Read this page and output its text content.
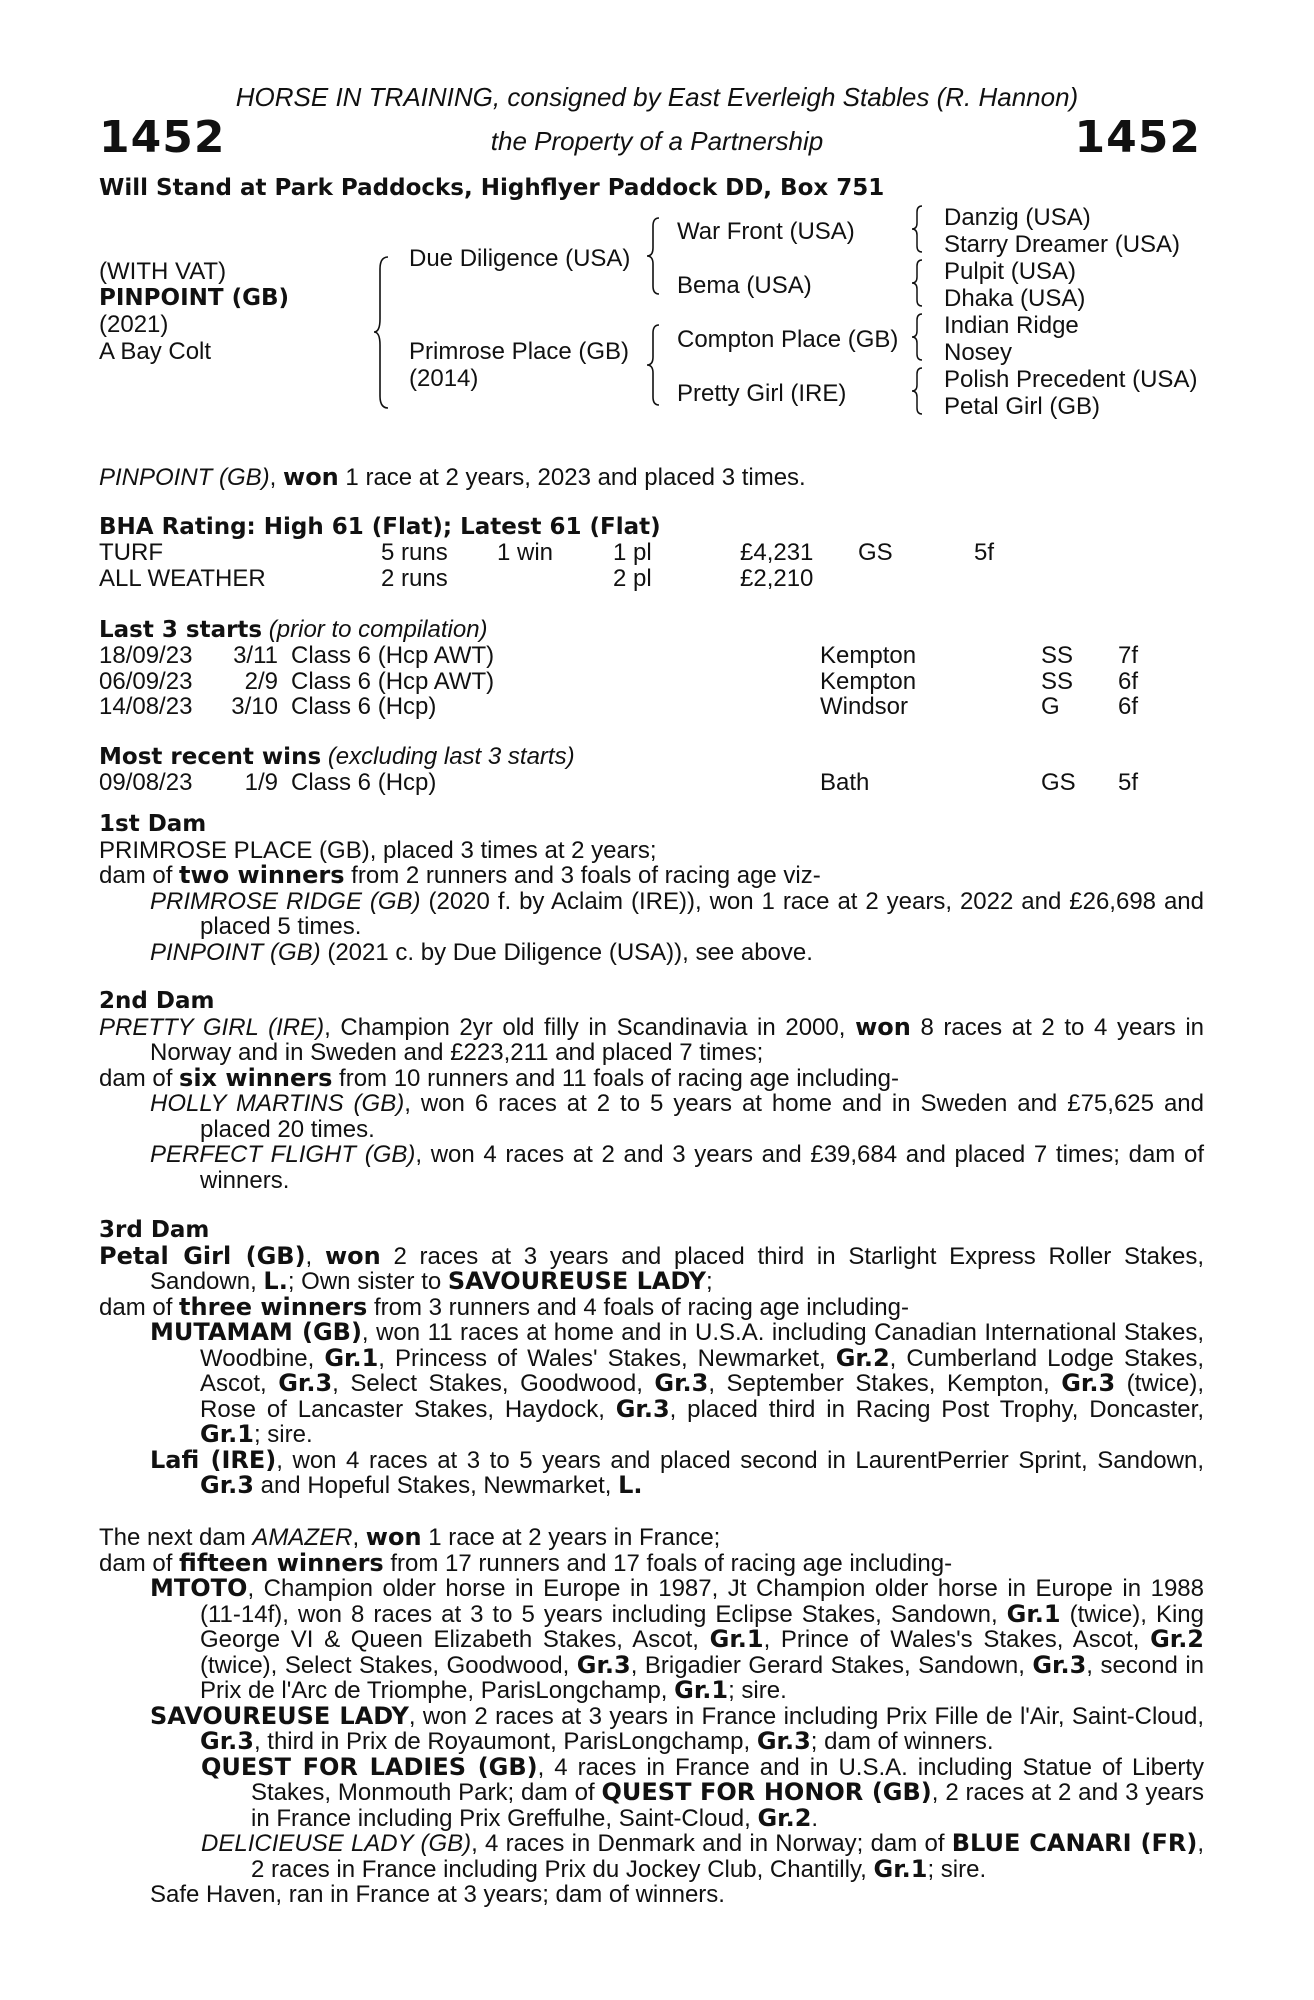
HORSE IN TRAINING, consigned by East Everleigh Stables (R. Hannon)
1452	the Property of a Partnership	1452
Will Stand at Park Paddocks, Highflyer Paddock DD, Box 751
(WITH VAT)
PINPOINT (GB)
(2021)
A Bay Colt
Due Diligence (USA)
Primrose Place (GB)
(2014)
War Front (USA)
Bema (USA)
Compton Place (GB)
Pretty Girl (IRE)
Danzig (USA)
Starry Dreamer (USA)
Pulpit (USA)
Dhaka (USA)
Indian Ridge
Nosey
Polish Precedent (USA)
Petal Girl (GB)
PINPOINT (GB), won 1 race at 2 years, 2023 and placed 3 times.
BHA Rating: High 61 (Flat); Latest 61 (Flat)
TURF	5 runs 1 win 1 pl	£4,231 GS	5f
ALL WEATHER	2 runs	2 pl	£2,210
Last 3 starts (prior to compilation)
18/09/23	3/11 Class 6 (Hcp AWT)	Kempton	SS 7f
06/09/23	2/9 Class 6 (Hcp AWT)	Kempton	SS 6f
14/08/23	3/10 Class 6 (Hcp)	Windsor	G 6f
Most recent wins (excluding last 3 starts)
09/08/23	1/9 Class 6 (Hcp)	Bath	GS 5f

1st Dam

PRIMROSE PLACE (GB), placed 3 times at 2 years;

dam of two winners from 2 runners and 3 foals of racing age viz-

PRIMROSE RIDGE (GB) (2020 f. by Aclaim (IRE)), won 1 race at 2 years, 2022 and £26,698 and placed 5 times.

PINPOINT (GB) (2021 c. by Due Diligence (USA)), see above.

2nd Dam

PRETTY GIRL (IRE), Champion 2yr old filly in Scandinavia in 2000, won 8 races at 2 to 4 years in Norway and in Sweden and £223,211 and placed 7 times;

dam of six winners from 10 runners and 11 foals of racing age including-

HOLLY MARTINS (GB), won 6 races at 2 to 5 years at home and in Sweden and £75,625 and placed 20 times.

PERFECT FLIGHT (GB), won 4 races at 2 and 3 years and £39,684 and placed 7 times; dam of winners.

3rd Dam

Petal Girl (GB), won 2 races at 3 years and placed third in Starlight Express Roller Stakes, Sandown, L.; Own sister to SAVOUREUSE LADY;

dam of three winners from 3 runners and 4 foals of racing age including-

MUTAMAM (GB), won 11 races at home and in U.S.A. including Canadian International Stakes, Woodbine, Gr.1, Princess of Wales' Stakes, Newmarket, Gr.2, Cumberland Lodge Stakes, Ascot, Gr.3, Select Stakes, Goodwood, Gr.3, September Stakes, Kempton, Gr.3 (twice), Rose of Lancaster Stakes, Haydock, Gr.3, placed third in Racing Post Trophy, Doncaster, Gr.1; sire.

Lafi (IRE), won 4 races at 3 to 5 years and placed second in LaurentPerrier Sprint, Sandown, Gr.3 and Hopeful Stakes, Newmarket, L.

The next dam AMAZER, won 1 race at 2 years in France;

dam of fifteen winners from 17 runners and 17 foals of racing age including-

MTOTO, Champion older horse in Europe in 1987, Jt Champion older horse in Europe in 1988 (11-14f), won 8 races at 3 to 5 years including Eclipse Stakes, Sandown, Gr.1 (twice), King George VI & Queen Elizabeth Stakes, Ascot, Gr.1, Prince of Wales's Stakes, Ascot, Gr.2 (twice), Select Stakes, Goodwood, Gr.3, Brigadier Gerard Stakes, Sandown, Gr.3, second in Prix de l'Arc de Triomphe, ParisLongchamp, Gr.1; sire.

SAVOUREUSE LADY, won 2 races at 3 years in France including Prix Fille de l'Air, Saint-Cloud, Gr.3, third in Prix de Royaumont, ParisLongchamp, Gr.3; dam of winners.

QUEST FOR LADIES (GB), 4 races in France and in U.S.A. including Statue of Liberty Stakes, Monmouth Park; dam of QUEST FOR HONOR (GB), 2 races at 2 and 3 years in France including Prix Greffulhe, Saint-Cloud, Gr.2.

DELICIEUSE LADY (GB), 4 races in Denmark and in Norway; dam of BLUE CANARI (FR), 2 races in France including Prix du Jockey Club, Chantilly, Gr.1; sire.

Safe Haven, ran in France at 3 years; dam of winners.
